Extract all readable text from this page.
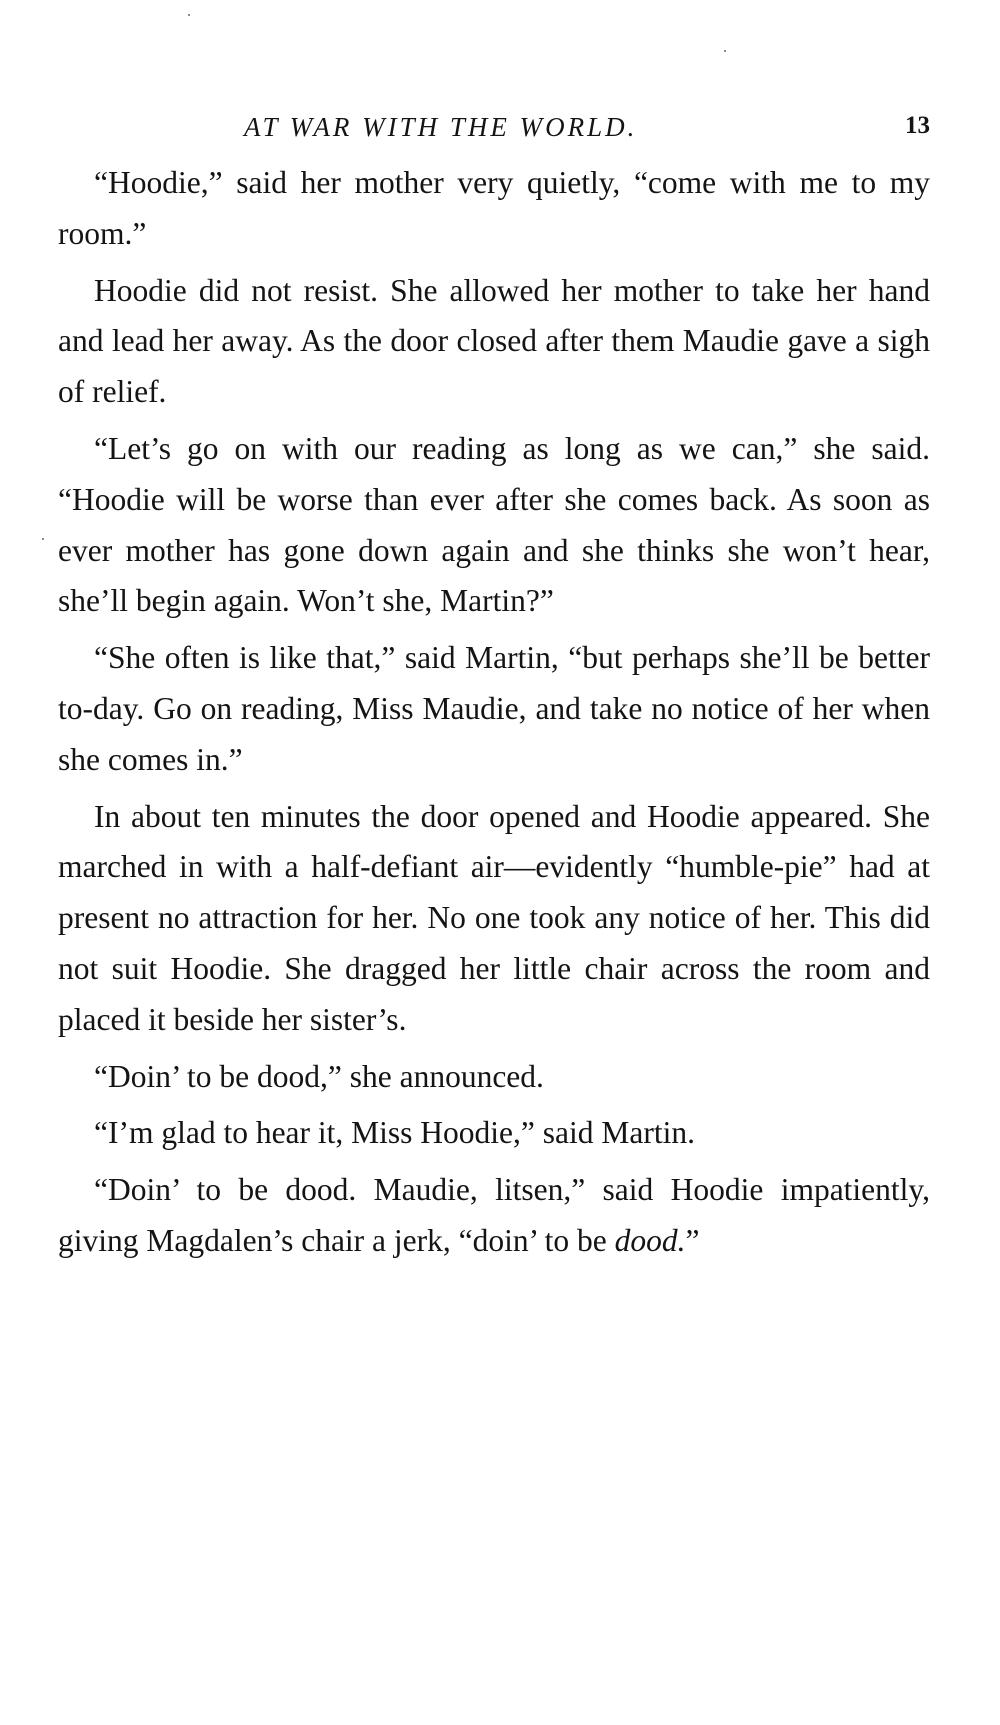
AT WAR WITH THE WORLD.	13

“Hoodie,” said her mother very quietly, “come with me to my room.”

Hoodie did not resist. She allowed her mother to take her hand and lead her away. As the door closed after them Maudie gave a sigh of relief.

“Let’s go on with our reading as long as we can,” she said. “Hoodie will be worse than ever after she comes back. As soon as ever mother has gone down again and she thinks she won’t hear, she’ll begin again. Won’t she, Martin?”

“She often is like that,” said Martin, “but perhaps she’ll be better to-day. Go on reading, Miss Maudie, and take no notice of her when she comes in.”

In about ten minutes the door opened and Hoodie appeared. She marched in with a half-defiant air—evidently “humble-pie” had at present no attraction for her. No one took any notice of her. This did not suit Hoodie. She dragged her little chair across the room and placed it beside her sister’s.

“Doin’ to be dood,” she announced.

“I’m glad to hear it, Miss Hoodie,” said Martin.

“Doin’ to be dood. Maudie, litsen,” said Hoodie impatiently, giving Magdalen’s chair a jerk, “doin’ to be dood.”
